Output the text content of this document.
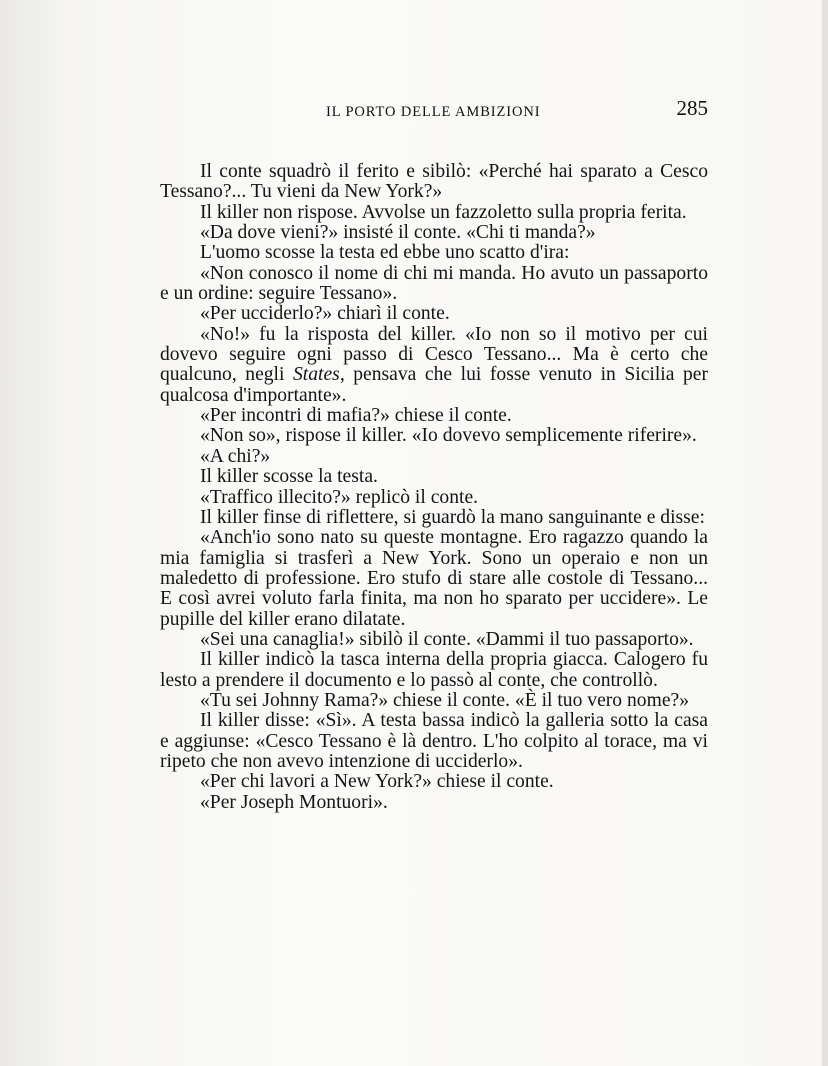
IL PORTO DELLE AMBIZIONI	285

Il conte squadrò il ferito e sibilò: «Perché hai sparato a Cesco Tessano?... Tu vieni da New York?»

Il killer non rispose. Avvolse un fazzoletto sulla propria ferita.

«Da dove vieni?» insisté il conte. «Chi ti manda?»

L'uomo scosse la testa ed ebbe uno scatto d'ira:

«Non conosco il nome di chi mi manda. Ho avuto un passaporto e un ordine: seguire Tessano».

«Per ucciderlo?» chiarì il conte.

«No!» fu la risposta del killer. «Io non so il motivo per cui dovevo seguire ogni passo di Cesco Tessano... Ma è certo che qualcuno, negli States, pensava che lui fosse venuto in Sicilia per qualcosa d'importante».

«Per incontri di mafia?» chiese il conte.

«Non so», rispose il killer. «Io dovevo semplicemente riferire».

«A chi?»

Il killer scosse la testa.

«Traffico illecito?» replicò il conte.

Il killer finse di riflettere, si guardò la mano sanguinante e disse:

«Anch'io sono nato su queste montagne. Ero ragazzo quando la mia famiglia si trasferì a New York. Sono un operaio e non un maledetto di professione. Ero stufo di stare alle costole di Tessano... E così avrei voluto farla finita, ma non ho sparato per uccidere». Le pupille del killer erano dilatate.

«Sei una canaglia!» sibilò il conte. «Dammi il tuo passaporto».

Il killer indicò la tasca interna della propria giacca. Calogero fu lesto a prendere il documento e lo passò al conte, che controllò.

«Tu sei Johnny Rama?» chiese il conte. «È il tuo vero nome?»

Il killer disse: «Sì». A testa bassa indicò la galleria sotto la casa e aggiunse: «Cesco Tessano è là dentro. L'ho colpito al torace, ma vi ripeto che non avevo intenzione di ucciderlo».

«Per chi lavori a New York?» chiese il conte.

«Per Joseph Montuori».
